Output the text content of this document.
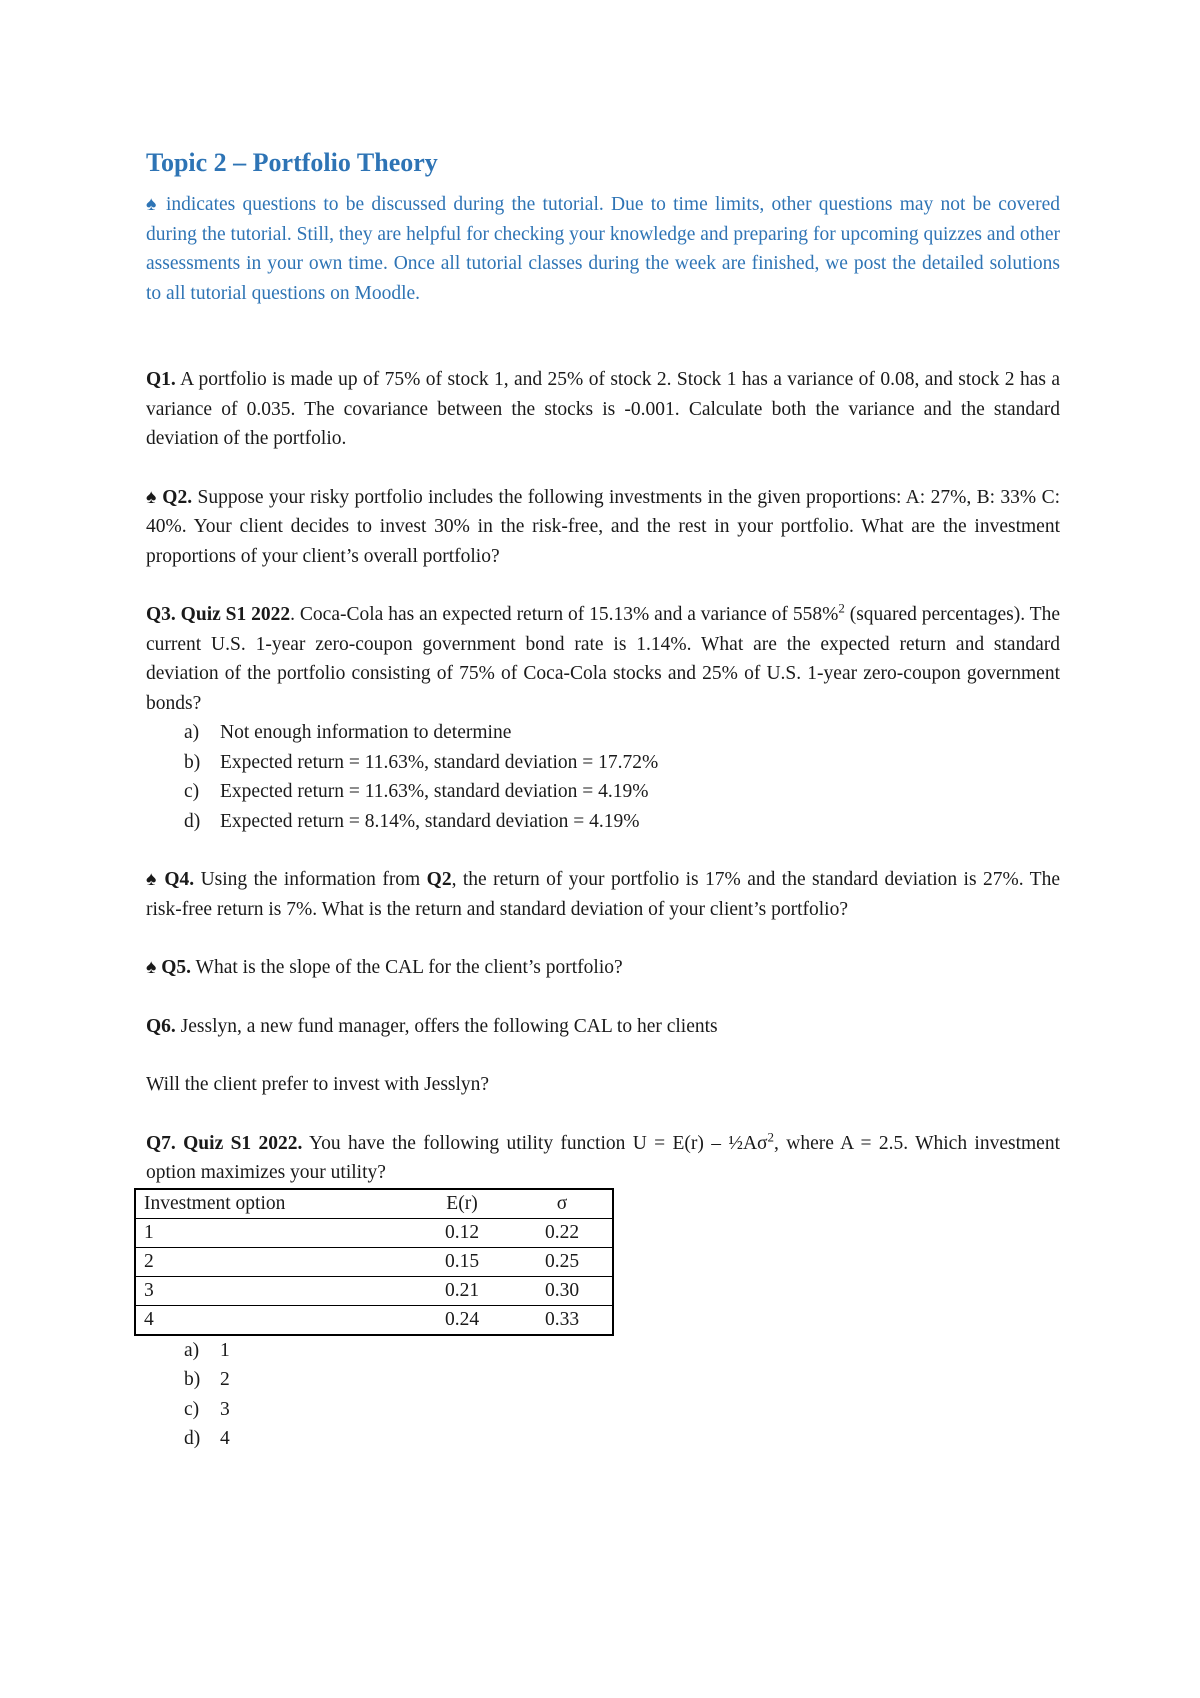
Topic 2 – Portfolio Theory

♠ indicates questions to be discussed during the tutorial. Due to time limits, other questions may not be covered during the tutorial. Still, they are helpful for checking your knowledge and preparing for upcoming quizzes and other assessments in your own time. Once all tutorial classes during the week are finished, we post the detailed solutions to all tutorial questions on Moodle.

Q1. A portfolio is made up of 75% of stock 1, and 25% of stock 2. Stock 1 has a variance of 0.08, and stock 2 has a variance of 0.035. The covariance between the stocks is -0.001. Calculate both the variance and the standard deviation of the portfolio.

♠ Q2. Suppose your risky portfolio includes the following investments in the given proportions: A: 27%, B: 33% C: 40%. Your client decides to invest 30% in the risk-free, and the rest in your portfolio. What are the investment proportions of your client’s overall portfolio?

Q3. Quiz S1 2022. Coca-Cola has an expected return of 15.13% and a variance of 558%$^2$ (squared percentages). The current U.S. 1-year zero-coupon government bond rate is 1.14%. What are the expected return and standard deviation of the portfolio consisting of 75% of Coca-Cola stocks and 25% of U.S. 1-year zero-coupon government bonds?

a)	Not enough information to determine
b)	Expected return = 11.63%, standard deviation = 17.72%
c)	Expected return = 11.63%, standard deviation = 4.19%
d)	Expected return = 8.14%, standard deviation = 4.19%

♠ Q4. Using the information from Q2, the return of your portfolio is 17% and the standard deviation is 27%. The risk-free return is 7%. What is the return and standard deviation of your client’s portfolio?

♠ Q5. What is the slope of the CAL for the client’s portfolio?

Q6. Jesslyn, a new fund manager, offers the following CAL to her clients

Will the client prefer to invest with Jesslyn?

Q7. Quiz S1 2022. You have the following utility function $U = E(r) - \frac{1}{2}A\sigma^2$, where A = 2.5. Which investment option maximizes your utility?

Investment option	E(r)	σ
1	0.12	0.22
2	0.15	0.25
3	0.21	0.30
4	0.24	0.33
a)	1
b)	2
c)	3
d)	4
